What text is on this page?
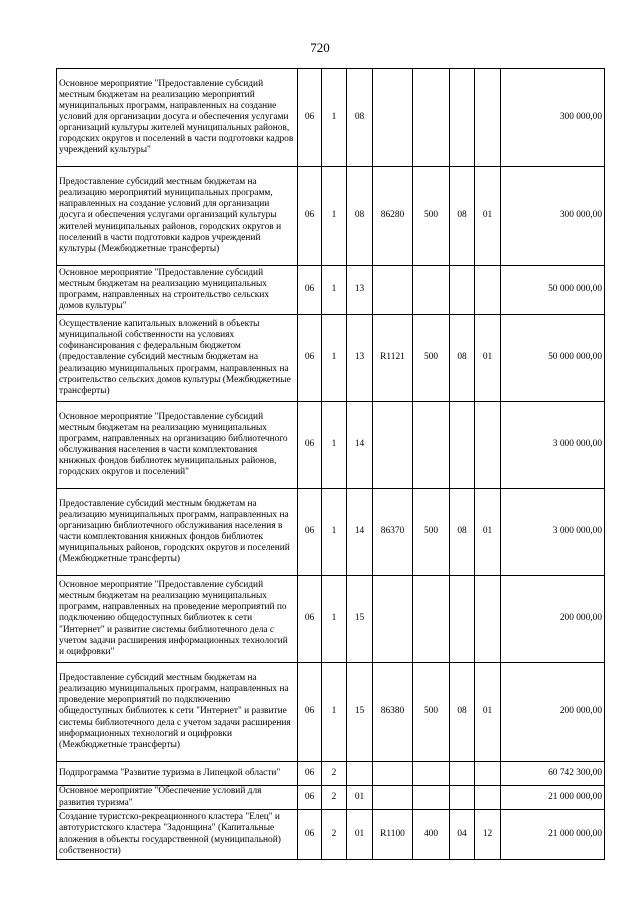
720
Основное мероприятие "Предоставление субсидий местным бюджетам на реализацию мероприятий муниципальных программ, направленных на создание условий для организации досуга и обеспечения услугами организаций культуры жителей муниципальных районов, городских округов и поселений в части подготовки кадров учреждений культуры"	06	1	08					300 000,00
Предоставление субсидий местным бюджетам на реализацию мероприятий муниципальных программ, направленных на создание условий для организации досуга и обеспечения услугами организаций культуры жителей муниципальных районов, городских округов и поселений в части подготовки кадров учреждений культуры (Межбюджетные трансферты)	06	1	08	86280	500	08	01	300 000,00
Основное мероприятие "Предоставление субсидий местным бюджетам на реализацию муниципальных программ, направленных на строительство сельских домов культуры"	06	1	13					50 000 000,00
Осуществление капитальных вложений в объекты муниципальной собственности на условиях софинансирования с федеральным бюджетом (предоставление субсидий местным бюджетам на реализацию муниципальных программ, направленных на строительство сельских домов культуры (Межбюджетные трансферты)	06	1	13	R1121	500	08	01	50 000 000,00
Основное мероприятие "Предоставление субсидий местным бюджетам на реализацию муниципальных программ, направленных на организацию библиотечного обслуживания населения в части комплектования книжных фондов библиотек муниципальных районов, городских округов и поселений"	06	1	14					3 000 000,00
Предоставление субсидий местным бюджетам на реализацию муниципальных программ, направленных на организацию библиотечного обслуживания населения в части комплектования книжных фондов библиотек муниципальных районов, городских округов и поселений (Межбюджетные трансферты)	06	1	14	86370	500	08	01	3 000 000,00
Основное мероприятие "Предоставление субсидий местным бюджетам на реализацию муниципальных программ, направленных на проведение мероприятий по подключению общедоступных библиотек к сети "Интернет" и развитие системы библиотечного дела с учетом задачи расширения информационных технологий и оцифровки"	06	1	15					200 000,00
Предоставление субсидий местным бюджетам на реализацию муниципальных программ, направленных на проведение мероприятий по подключению общедоступных библиотек к сети "Интернет" и развитие системы библиотечного дела с учетом задачи расширения информационных технологий и оцифровки (Межбюджетные трансферты)	06	1	15	86380	500	08	01	200 000,00
Подпрограмма "Развитие туризма в Липецкой области"	06	2						60 742 300,00
Основное мероприятие "Обеспечение условий для развития туризма"	06	2	01					21 000 000,00
Создание туристско-рекреационного кластера "Елец" и автотуристского кластера "Задонщина" (Капитальные вложения в объекты государственной (муниципальной) собственности)	06	2	01	R1100	400	04	12	21 000 000,00
